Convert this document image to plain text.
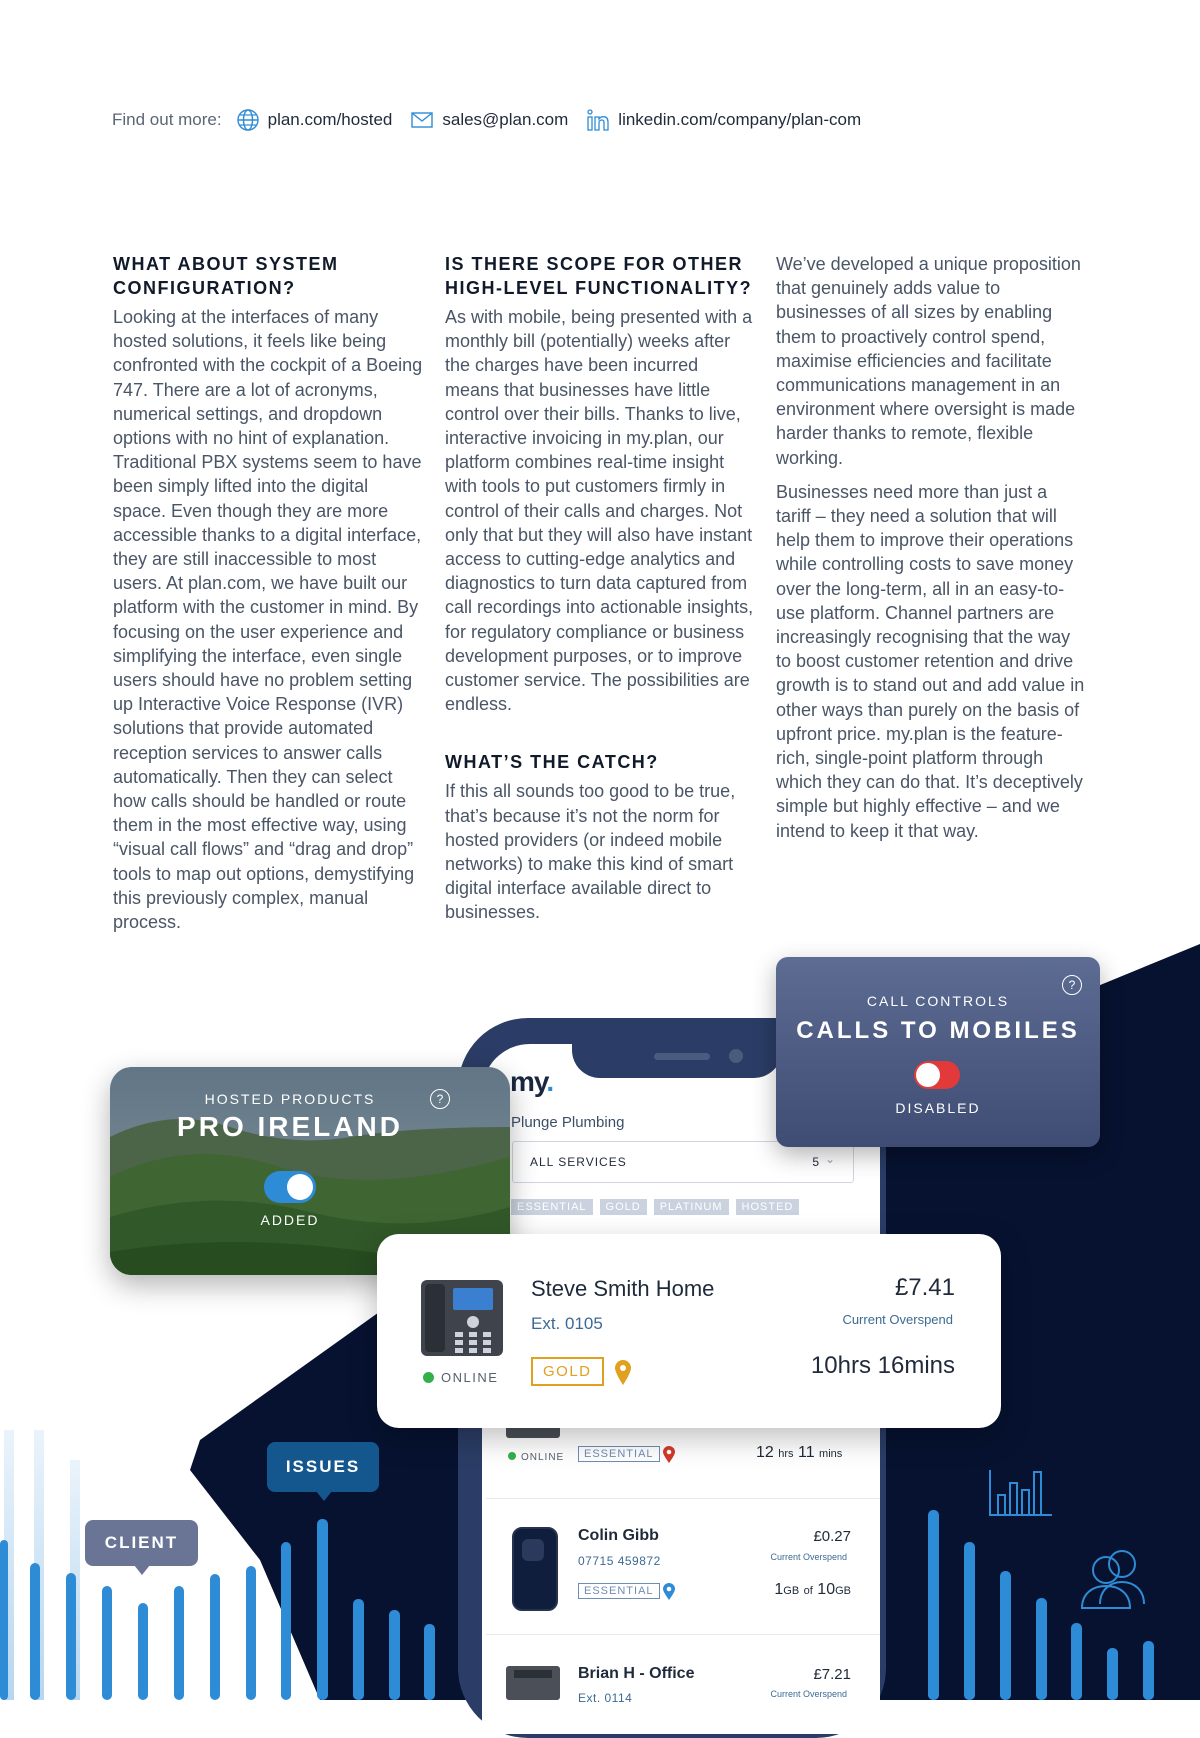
Find out more:	plan.com/hosted	sales@plan.com	linkedin.com/company/plan-com
WHAT ABOUT SYSTEM CONFIGURATION?

Looking at the interfaces of many hosted solutions, it feels like being confronted with the cockpit of a Boeing 747. There are a lot of acronyms, numerical settings, and dropdown options with no hint of explanation. Traditional PBX systems seem to have been simply lifted into the digital space. Even though they are more accessible thanks to a digital interface, they are still inaccessible to most users. At plan.com, we have built our platform with the customer in mind. By focusing on the user experience and simplifying the interface, even single users should have no problem setting up Interactive Voice Response (IVR) solutions that provide automated reception services to answer calls automatically. Then they can select how calls should be handled or route them in the most effective way, using “visual call flows” and “drag and drop” tools to map out options, demystifying this previously complex, manual process.

IS THERE SCOPE FOR OTHER HIGH-LEVEL FUNCTIONALITY?

As with mobile, being presented with a monthly bill (potentially) weeks after the charges have been incurred means that businesses have little control over their bills. Thanks to live, interactive invoicing in my.plan, our platform combines real-time insight with tools to put customers firmly in control of their calls and charges. Not only that but they will also have instant access to cutting-edge analytics and diagnostics to turn data captured from call recordings into actionable insights, for regulatory compliance or business development purposes, or to improve customer service. The possibilities are endless.

WHAT’S THE CATCH?

If this all sounds too good to be true, that’s because it’s not the norm for hosted providers (or indeed mobile networks) to make this kind of smart digital interface available direct to businesses.

We’ve developed a unique proposition that genuinely adds value to businesses of all sizes by enabling them to proactively control spend, maximise efficiencies and facilitate communications management in an environment where oversight is made harder thanks to remote, flexible working.

Businesses need more than just a tariff – they need a solution that will help them to improve their operations while controlling costs to save money over the long-term, all in an easy-to-use platform. Channel partners are increasingly recognising that the way to boost customer retention and drive growth is to stand out and add value in other ways than purely on the basis of upfront price. my.plan is the feature-rich, single-point platform through which they can do that. It’s deceptively simple but highly effective – and we intend to keep it that way.

my.
Plunge Plumbing
ALL SERVICES	5 ⌄
ESSENTIAL	GOLD	PLATINUM	HOSTED
ONLINE	ESSENTIAL	12 hrs 11 mins
Colin Gibb
07715 459872
£0.27
Current Overspend
ESSENTIAL	1GB of 10GB
Brian H - Office
Ext. 0114
£7.21
Current Overspend
HOSTED PRODUCTS
PRO IRELAND
ADDED
?
?
CALL CONTROLS
CALLS TO MOBILES
DISABLED
ONLINE
Steve Smith Home
Ext. 0105
GOLD
£7.41
Current Overspend
10hrs 16mins
ISSUES
CLIENT
